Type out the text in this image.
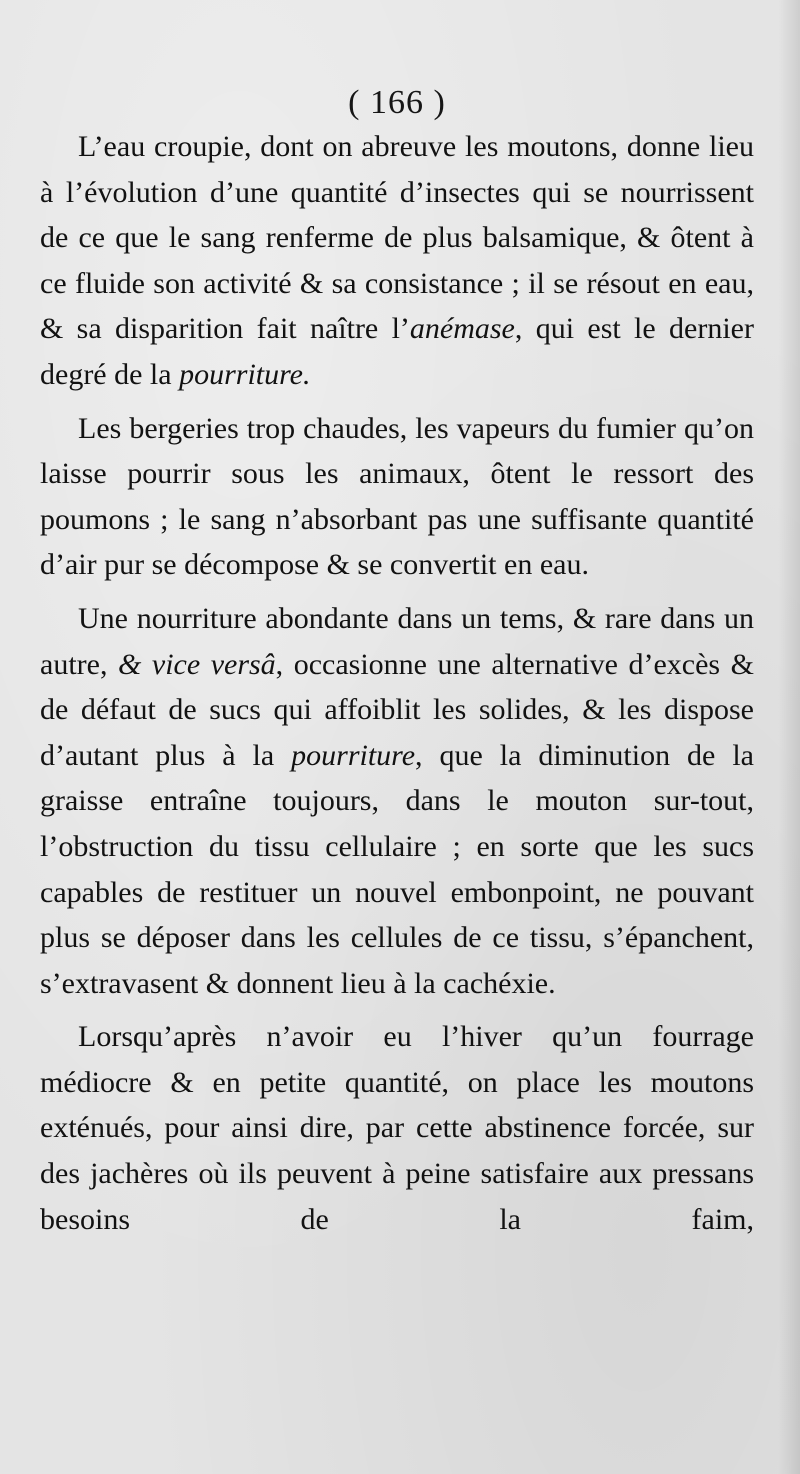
( 166 )

L’eau croupie, dont on abreuve les moutons, donne lieu à l’évolution d’une quantité d’insectes qui se nourrissent de ce que le sang renferme de plus balsamique, & ôtent à ce fluide son activité & sa consistance ; il se résout en eau, & sa disparition fait naître l’anémase, qui est le dernier degré de la pourriture.

Les bergeries trop chaudes, les vapeurs du fumier qu’on laisse pourrir sous les animaux, ôtent le ressort des poumons ; le sang n’absorbant pas une suffisante quantité d’air pur se décompose & se convertit en eau.

Une nourriture abondante dans un tems, & rare dans un autre, & vice versâ, occasionne une alternative d’excès & de défaut de sucs qui affoiblit les solides, & les dispose d’autant plus à la pourriture, que la diminution de la graisse entraîne toujours, dans le mouton sur-tout, l’obstruction du tissu cellulaire ; en sorte que les sucs capables de restituer un nouvel embonpoint, ne pouvant plus se déposer dans les cellules de ce tissu, s’épanchent, s’extravasent & donnent lieu à la cachéxie.

Lorsqu’après n’avoir eu l’hiver qu’un fourrage médiocre & en petite quantité, on place les moutons exténués, pour ainsi dire, par cette abstinence forcée, sur des jachères où ils peuvent à peine satisfaire aux pressans besoins de la faim,
